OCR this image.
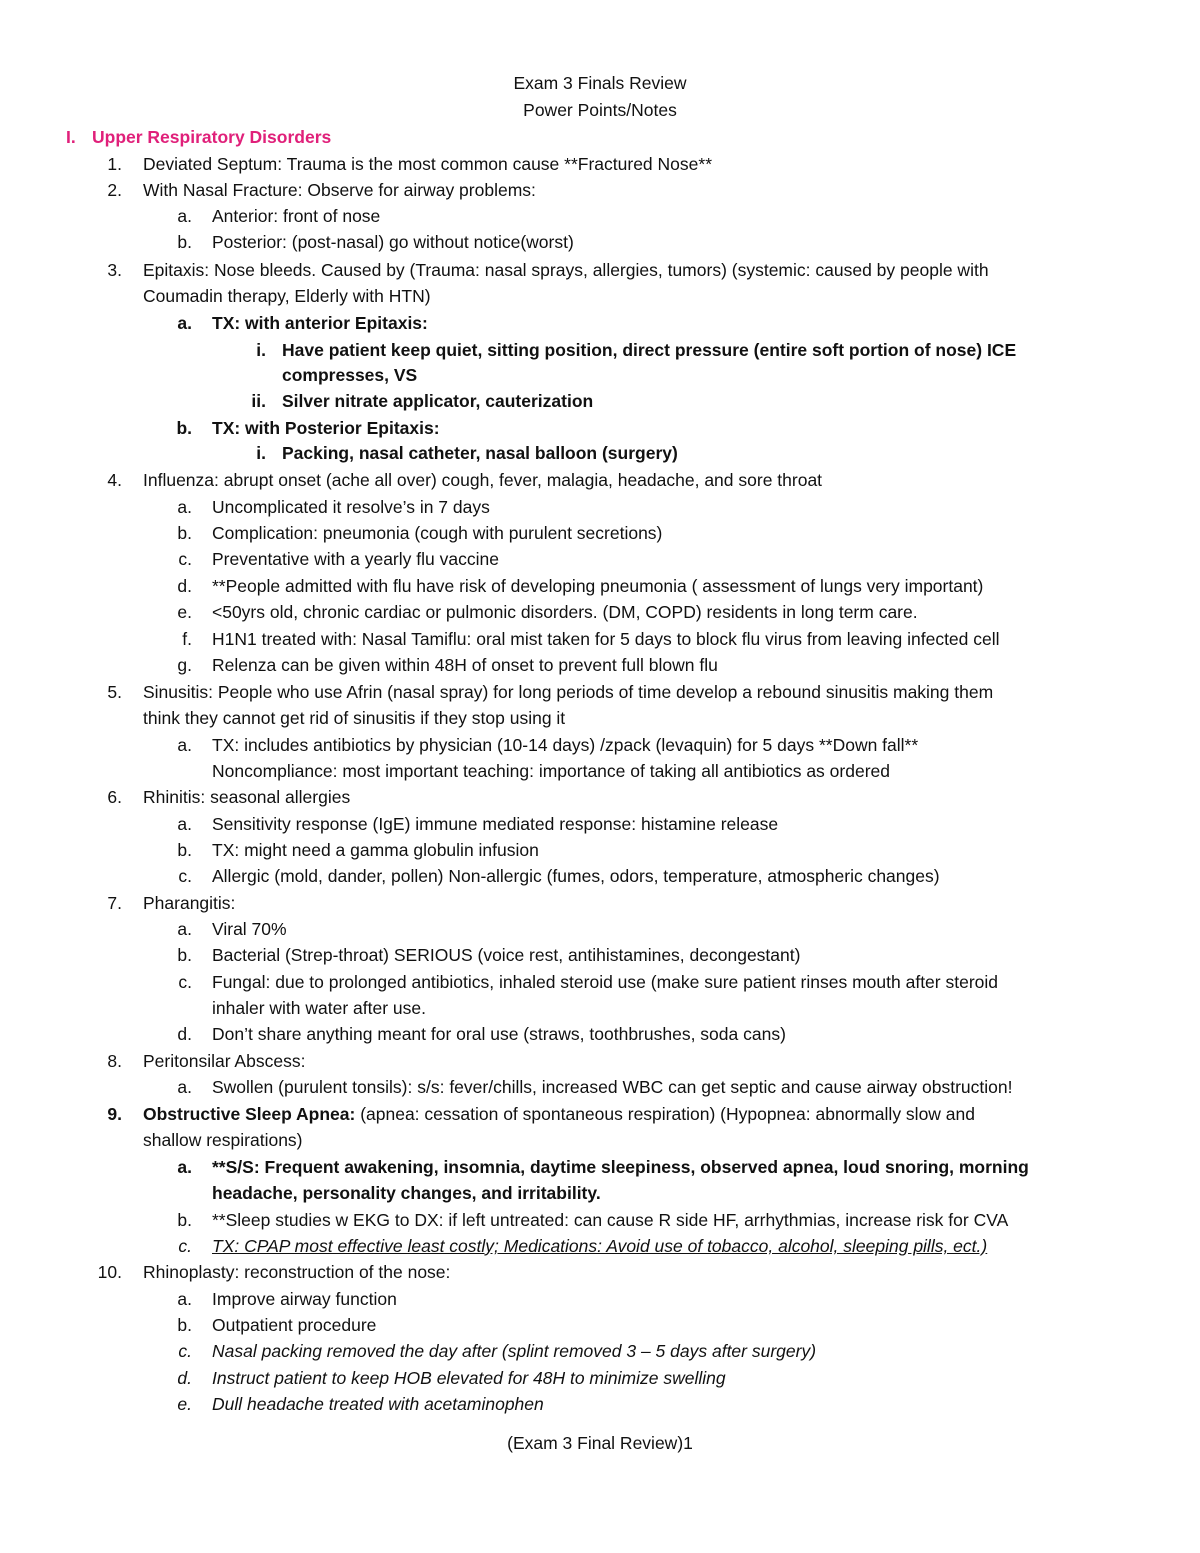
Exam 3 Finals Review
Power Points/Notes
I. Upper Respiratory Disorders
1. Deviated Septum: Trauma is the most common cause **Fractured Nose**
2. With Nasal Fracture: Observe for airway problems:
a. Anterior: front of nose
b. Posterior: (post-nasal) go without notice(worst)
3. Epitaxis: Nose bleeds. Caused by (Trauma: nasal sprays, allergies, tumors) (systemic: caused by people with
Coumadin therapy, Elderly with HTN)
a. TX: with anterior Epitaxis:
i. Have patient keep quiet, sitting position, direct pressure (entire soft portion of nose) ICE
compresses, VS
ii. Silver nitrate applicator, cauterization
b. TX: with Posterior Epitaxis:
i. Packing, nasal catheter, nasal balloon (surgery)
4. Influenza: abrupt onset (ache all over) cough, fever, malagia, headache, and sore throat
a. Uncomplicated it resolve’s in 7 days
b. Complication: pneumonia (cough with purulent secretions)
c. Preventative with a yearly flu vaccine
d. **People admitted with flu have risk of developing pneumonia ( assessment of lungs very important)
e. <50yrs old, chronic cardiac or pulmonic disorders. (DM, COPD) residents in long term care.
f. H1N1 treated with: Nasal Tamiflu: oral mist taken for 5 days to block flu virus from leaving infected cell
g. Relenza can be given within 48H of onset to prevent full blown flu
5. Sinusitis: People who use Afrin (nasal spray) for long periods of time develop a rebound sinusitis making them
think they cannot get rid of sinusitis if they stop using it
a. TX: includes antibiotics by physician (10-14 days) /zpack (levaquin) for 5 days **Down fall**
Noncompliance: most important teaching: importance of taking all antibiotics as ordered
6. Rhinitis: seasonal allergies
a. Sensitivity response (IgE) immune mediated response: histamine release
b. TX: might need a gamma globulin infusion
c. Allergic (mold, dander, pollen) Non-allergic (fumes, odors, temperature, atmospheric changes)
7. Pharangitis:
a. Viral 70%
b. Bacterial (Strep-throat) SERIOUS (voice rest, antihistamines, decongestant)
c. Fungal: due to prolonged antibiotics, inhaled steroid use (make sure patient rinses mouth after steroid
inhaler with water after use.
d. Don’t share anything meant for oral use (straws, toothbrushes, soda cans)
8. Peritonsilar Abscess:
a. Swollen (purulent tonsils): s/s: fever/chills, increased WBC can get septic and cause airway obstruction!
9. Obstructive Sleep Apnea: (apnea: cessation of spontaneous respiration) (Hypopnea: abnormally slow and
shallow respirations)
a. **S/S: Frequent awakening, insomnia, daytime sleepiness, observed apnea, loud snoring, morning
headache, personality changes, and irritability.
b. **Sleep studies w EKG to DX: if left untreated: can cause R side HF, arrhythmias, increase risk for CVA
c. TX: CPAP most effective least costly; Medications: Avoid use of tobacco, alcohol, sleeping pills, ect.)
10. Rhinoplasty: reconstruction of the nose:
a. Improve airway function
b. Outpatient procedure
c. Nasal packing removed the day after (splint removed 3 – 5 days after surgery)
d. Instruct patient to keep HOB elevated for 48H to minimize swelling
e. Dull headache treated with acetaminophen
(Exam 3 Final Review)1
